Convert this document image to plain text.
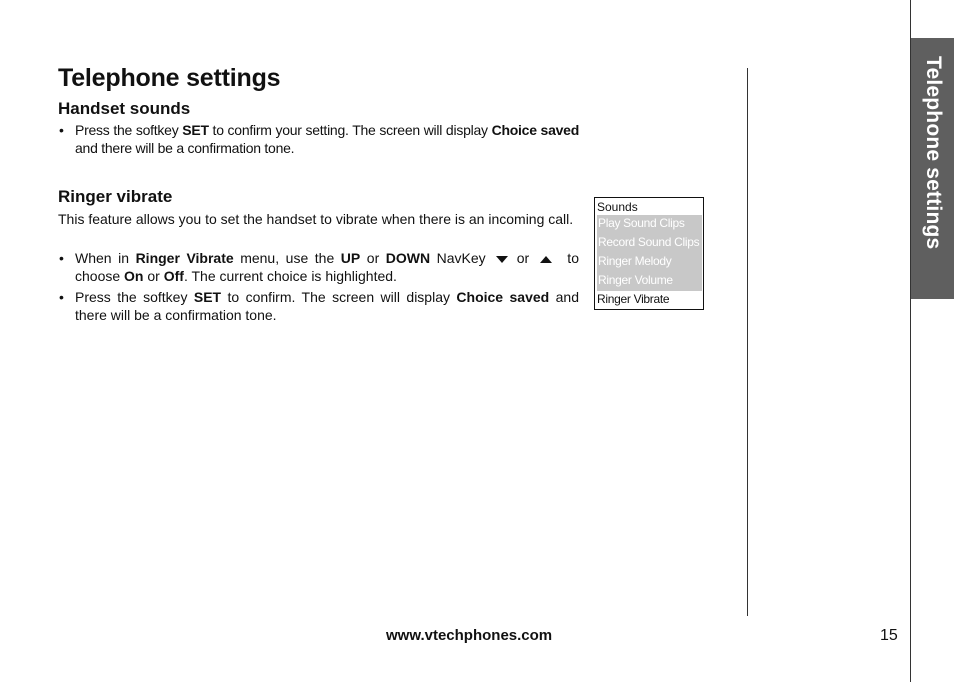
Telephone settings
Handset sounds
• Press the softkey SET to confirm your setting. The screen will display Choice saved and there will be a confirmation tone.
Ringer vibrate

This feature allows you to set the handset to vibrate when there is an incoming call.

• When in Ringer Vibrate menu, use the UP or DOWN NavKey  or  to choose On or Off. The current choice is highlighted.
• Press the softkey SET to confirm. The screen will display Choice saved and there will be a confirmation tone.
Sounds
Play Sound Clips
Record Sound Clips
Ringer Melody
Ringer Volume
Ringer Vibrate
Telephone settings
www.vtechphones.com	15
